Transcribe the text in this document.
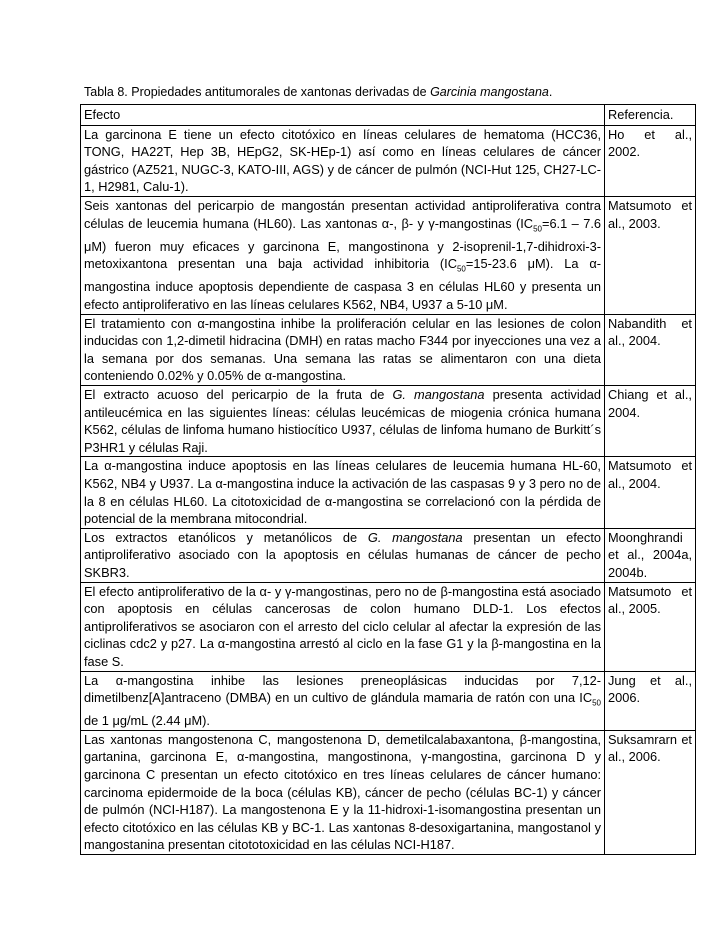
Tabla 8. Propiedades antitumorales de xantonas derivadas de Garcinia mangostana.
Efecto	Referencia.
La garcinona E tiene un efecto citotóxico en líneas celulares de hematoma (HCC36, TONG, HA22T, Hep 3B, HEpG2, SK-HEp-1) así como en líneas celulares de cáncer gástrico (AZ521, NUGC-3, KATO-III, AGS) y de cáncer de pulmón (NCI-Hut 125, CH27-LC-1, H2981, Calu-1).	Ho et al., 2002.
Seis xantonas del pericarpio de mangostán presentan actividad antiproliferativa contra células de leucemia humana (HL60). Las xantonas α-, β- y γ-mangostinas ($IC_{50}=6.1 - 7.6$ μM) fueron muy eficaces y garcinona E, mangostinona y 2-isoprenil-1,7-dihidroxi-3-metoxixantona presentan una baja actividad inhibitoria ($IC_{50}=15-23.6$ μM). La α-mangostina induce apoptosis dependiente de caspasa 3 en células HL60 y presenta un efecto antiproliferativo en las líneas celulares K562, NB4, U937 a 5-10 μM.	Matsumoto et al., 2003.
El tratamiento con α-mangostina inhibe la proliferación celular en las lesiones de colon inducidas con 1,2-dimetil hidracina (DMH) en ratas macho F344 por inyecciones una vez a la semana por dos semanas. Una semana las ratas se alimentaron con una dieta conteniendo 0.02% y 0.05% de α-mangostina.	Nabandith et al., 2004.
El extracto acuoso del pericarpio de la fruta de G. mangostana presenta actividad antileucémica en las siguientes líneas: células leucémicas de miogenia crónica humana K562, células de linfoma humano histiocítico U937, células de linfoma humano de Burkitt´s P3HR1 y células Raji.	Chiang et al., 2004.
La α-mangostina induce apoptosis en las líneas celulares de leucemia humana HL-60, K562, NB4 y U937. La α-mangostina induce la activación de las caspasas 9 y 3 pero no de la 8 en células HL60. La citotoxicidad de α-mangostina se correlacionó con la pérdida de potencial de la membrana mitocondrial.	Matsumoto et al., 2004.
Los extractos etanólicos y metanólicos de G. mangostana presentan un efecto antiproliferativo asociado con la apoptosis en células humanas de cáncer de pecho SKBR3.	Moonghrandi et al., 2004a, 2004b.
El efecto antiproliferativo de la α- y γ-mangostinas, pero no de β-mangostina está asociado con apoptosis en células cancerosas de colon humano DLD-1. Los efectos antiproliferativos se asociaron con el arresto del ciclo celular al afectar la expresión de las ciclinas cdc2 y p27. La α-mangostina arrestó al ciclo en la fase G1 y la β-mangostina en la fase S.	Matsumoto et al., 2005.
La α-mangostina inhibe las lesiones preneoplásicas inducidas por 7,12-dimetilbenz[A]antraceno (DMBA) en un cultivo de glándula mamaria de ratón con una $IC_{50}$ de 1 μg/mL (2.44 μM).	Jung et al., 2006.
Las xantonas mangostenona C, mangostenona D, demetilcalabaxantona, β-mangostina, gartanina, garcinona E, α-mangostina, mangostinona, γ-mangostina, garcinona D y garcinona C presentan un efecto citotóxico en tres líneas celulares de cáncer humano: carcinoma epidermoide de la boca (células KB), cáncer de pecho (células BC-1) y cáncer de pulmón (NCI-H187). La mangostenona E y la 11-hidroxi-1-isomangostina presentan un efecto citotóxico en las células KB y BC-1. Las xantonas 8-desoxigartanina, mangostanol y mangostanina presentan citototoxicidad en las células NCI-H187.	Suksamrarn et al., 2006.
